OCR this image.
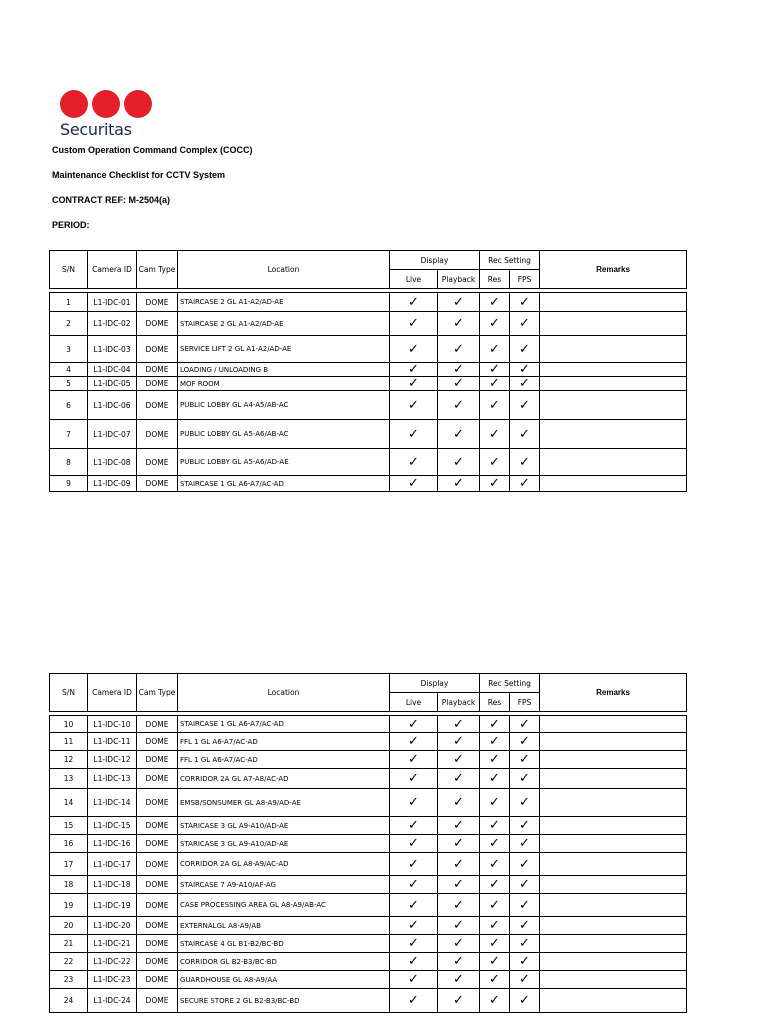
Securitas
Custom Operation Command Complex (COCC)
Maintenance Checklist for CCTV System
CONTRACT REF: M-2504(a)
PERIOD:
S/N	Camera ID	Cam Type	Location	Display		Rec Setting		Remarks
				Live	Playback	Res	FPS	

1	L1-IDC-01	DOME	STAIRCASE 2 GL A1-A2/AD-AE	✓	✓	✓	✓	
2	L1-IDC-02	DOME	STAIRCASE 2 GL A1-A2/AD-AE	✓	✓	✓	✓	
3	L1-IDC-03	DOME	SERVICE LIFT 2 GL A1-A2/AD-AE	✓	✓	✓	✓	
4	L1-IDC-04	DOME	LOADING / UNLOADING B	✓	✓	✓	✓	
5	L1-IDC-05	DOME	MOF ROOM	✓	✓	✓	✓	
6	L1-IDC-06	DOME	PUBLIC LOBBY GL A4-A5/AB-AC	✓	✓	✓	✓	
7	L1-IDC-07	DOME	PUBLIC LOBBY GL A5-A6/AB-AC	✓	✓	✓	✓	
8	L1-IDC-08	DOME	PUBLIC LOBBY GL A5-A6/AD-AE	✓	✓	✓	✓	
9	L1-IDC-09	DOME	STAIRCASE 1 GL A6-A7/AC-AD	✓	✓	✓	✓	
S/N	Camera ID	Cam Type	Location	Display		Rec Setting		Remarks
				Live	Playback	Res	FPS	

10	L1-IDC-10	DOME	STAIRCASE 1 GL A6-A7/AC-AD	✓	✓	✓	✓	
11	L1-IDC-11	DOME	FFL 1 GL A6-A7/AC-AD	✓	✓	✓	✓	
12	L1-IDC-12	DOME	FFL 1 GL A6-A7/AC-AD	✓	✓	✓	✓	
13	L1-IDC-13	DOME	CORRIDOR 2A GL A7-A8/AC-AD	✓	✓	✓	✓	
14	L1-IDC-14	DOME	EMSB/SONSUMER GL A8-A9/AD-AE	✓	✓	✓	✓	
15	L1-IDC-15	DOME	STARICASE 3 GL A9-A10/AD-AE	✓	✓	✓	✓	
16	L1-IDC-16	DOME	STARICASE 3 GL A9-A10/AD-AE	✓	✓	✓	✓	
17	L1-IDC-17	DOME	CORRIDOR 2A GL A8-A9/AC-AD	✓	✓	✓	✓	
18	L1-IDC-18	DOME	STAIRCASE 7 A9-A10/AF-AG	✓	✓	✓	✓	
19	L1-IDC-19	DOME	CASE PROCESSING AREA GL A8-A9/AB-AC	✓	✓	✓	✓	
20	L1-IDC-20	DOME	EXTERNALGL A8-A9/AB	✓	✓	✓	✓	
21	L1-IDC-21	DOME	STAIRCASE 4 GL B1-B2/BC-BD	✓	✓	✓	✓	
22	L1-IDC-22	DOME	CORRIDOR GL B2-B3/BC-BD	✓	✓	✓	✓	
23	L1-IDC-23	DOME	GUARDHOUSE GL A8-A9/AA	✓	✓	✓	✓	
24	L1-IDC-24	DOME	SECURE STORE 2 GL B2-B3/BC-BD	✓	✓	✓	✓	
